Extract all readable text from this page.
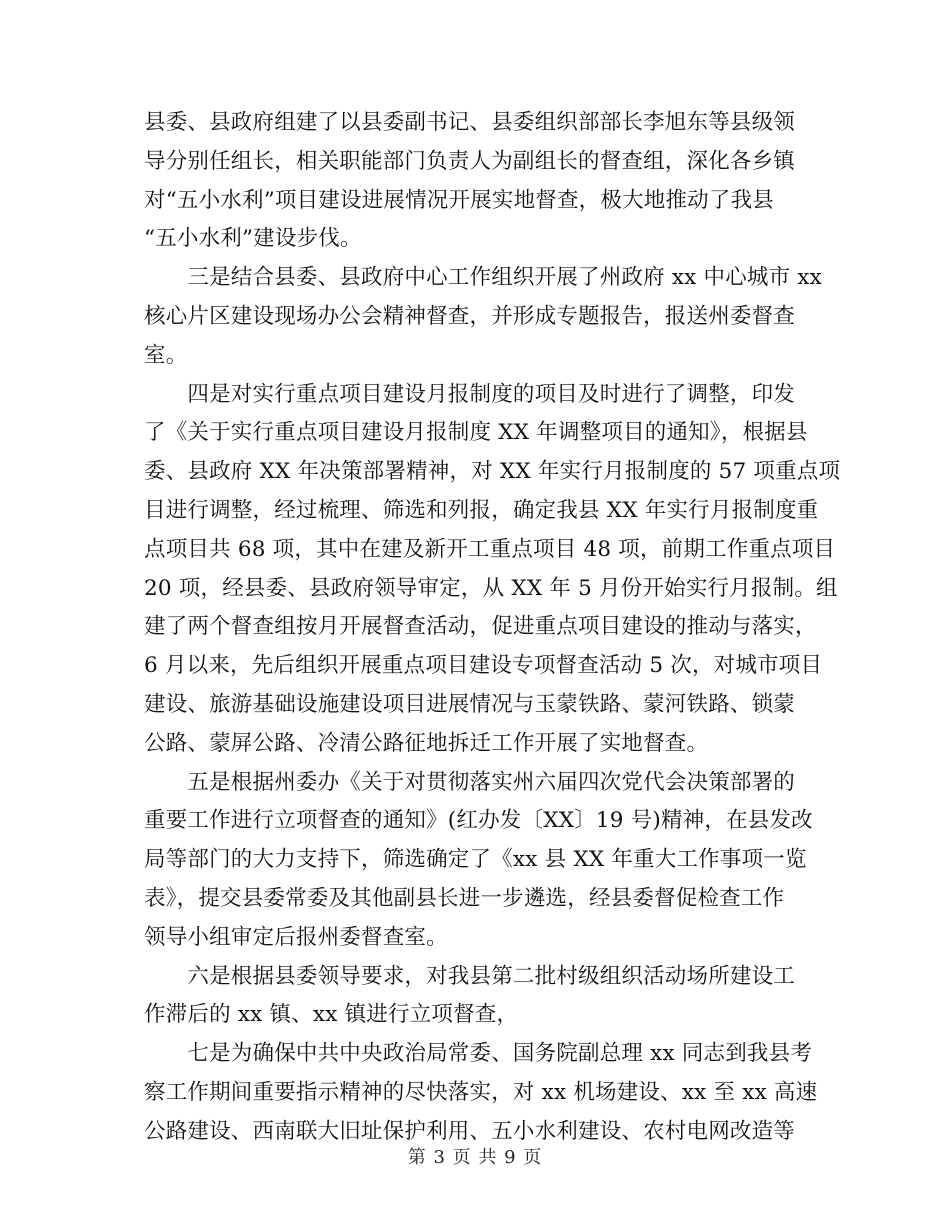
县委、县政府组建了以县委副书记、县委组织部部长李旭东等县级领
导分别任组长，相关职能部门负责人为副组长的督查组，深化各乡镇
对“五小水利”项目建设进展情况开展实地督查，极大地推动了我县
“五小水利”建设步伐。

　　三是结合县委、县政府中心工作组织开展了州政府 xx 中心城市 xx
核心片区建设现场办公会精神督查，并形成专题报告，报送州委督查
室。

　　四是对实行重点项目建设月报制度的项目及时进行了调整，印发
了《关于实行重点项目建设月报制度 XX 年调整项目的通知》，根据县
委、县政府 XX 年决策部署精神，对 XX 年实行月报制度的 57 项重点项
目进行调整，经过梳理、筛选和列报，确定我县 XX 年实行月报制度重
点项目共 68 项，其中在建及新开工重点项目 48 项，前期工作重点项目
20 项，经县委、县政府领导审定，从 XX 年 5 月份开始实行月报制。组
建了两个督查组按月开展督查活动，促进重点项目建设的推动与落实，
6 月以来，先后组织开展重点项目建设专项督查活动 5 次，对城市项目
建设、旅游基础设施建设项目进展情况与玉蒙铁路、蒙河铁路、锁蒙
公路、蒙屏公路、冷清公路征地拆迁工作开展了实地督查。

　　五是根据州委办《关于对贯彻落实州六届四次党代会决策部署的
重要工作进行立项督查的通知》(红办发〔XX〕19 号)精神，在县发改
局等部门的大力支持下，筛选确定了《xx 县 XX 年重大工作事项一览
表》，提交县委常委及其他副县长进一步遴选，经县委督促检查工作
领导小组审定后报州委督查室。

　　六是根据县委领导要求，对我县第二批村级组织活动场所建设工
作滞后的 xx 镇、xx 镇进行立项督查，

　　七是为确保中共中央政治局常委、国务院副总理 xx 同志到我县考
察工作期间重要指示精神的尽快落实，对 xx 机场建设、xx 至 xx 高速
公路建设、西南联大旧址保护利用、五小水利建设、农村电网改造等

第 3 页 共 9 页
